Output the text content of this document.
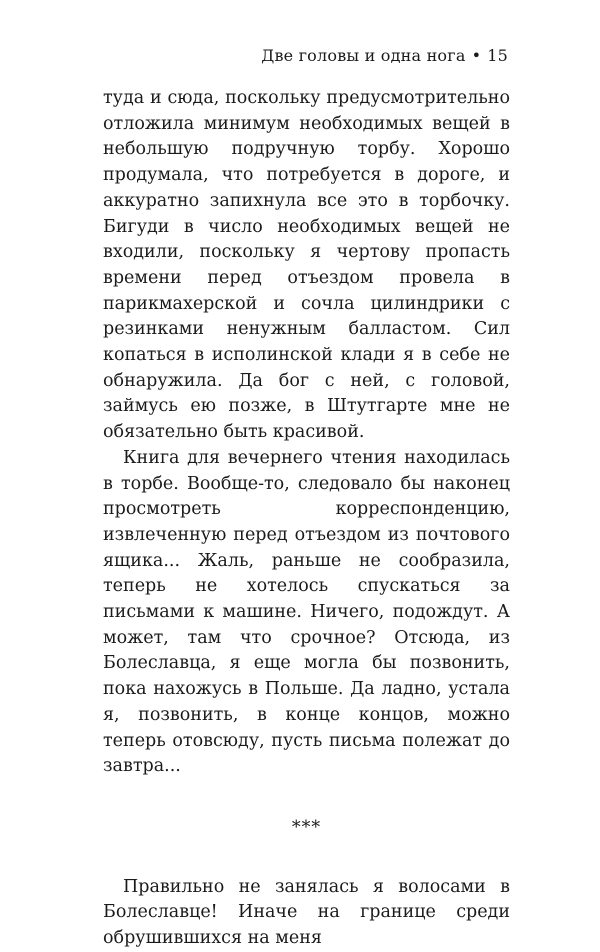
Две головы и одна нога • 15

туда и сюда, поскольку предусмотрительно отложила минимум необходимых вещей в небольшую подручную торбу. Хорошо продумала, что потребуется в дороге, и аккуратно запихнула все это в торбочку. Бигуди в число необходимых вещей не входили, поскольку я чертову пропасть времени перед отъездом провела в парикмахерской и сочла цилиндрики с резинками ненужным балластом. Сил копаться в исполинской клади я в себе не обнаружила. Да бог с ней, с головой, займусь ею позже, в Штутгарте мне не обязательно быть красивой.

Книга для вечернего чтения находилась в торбе. Вообще-то, следовало бы наконец просмотреть корреспонденцию, извлеченную перед отъездом из почтового ящика... Жаль, раньше не сообразила, теперь не хотелось спускаться за письмами к машине. Ничего, подождут. А может, там что срочное? Отсюда, из Болеславца, я еще могла бы позвонить, пока нахожусь в Польше. Да ладно, устала я, позвонить, в конце концов, можно теперь отовсюду, пусть письма полежат до завтра...

***

Правильно не занялась я волосами в Болеславце! Иначе на границе среди обрушившихся на меня
